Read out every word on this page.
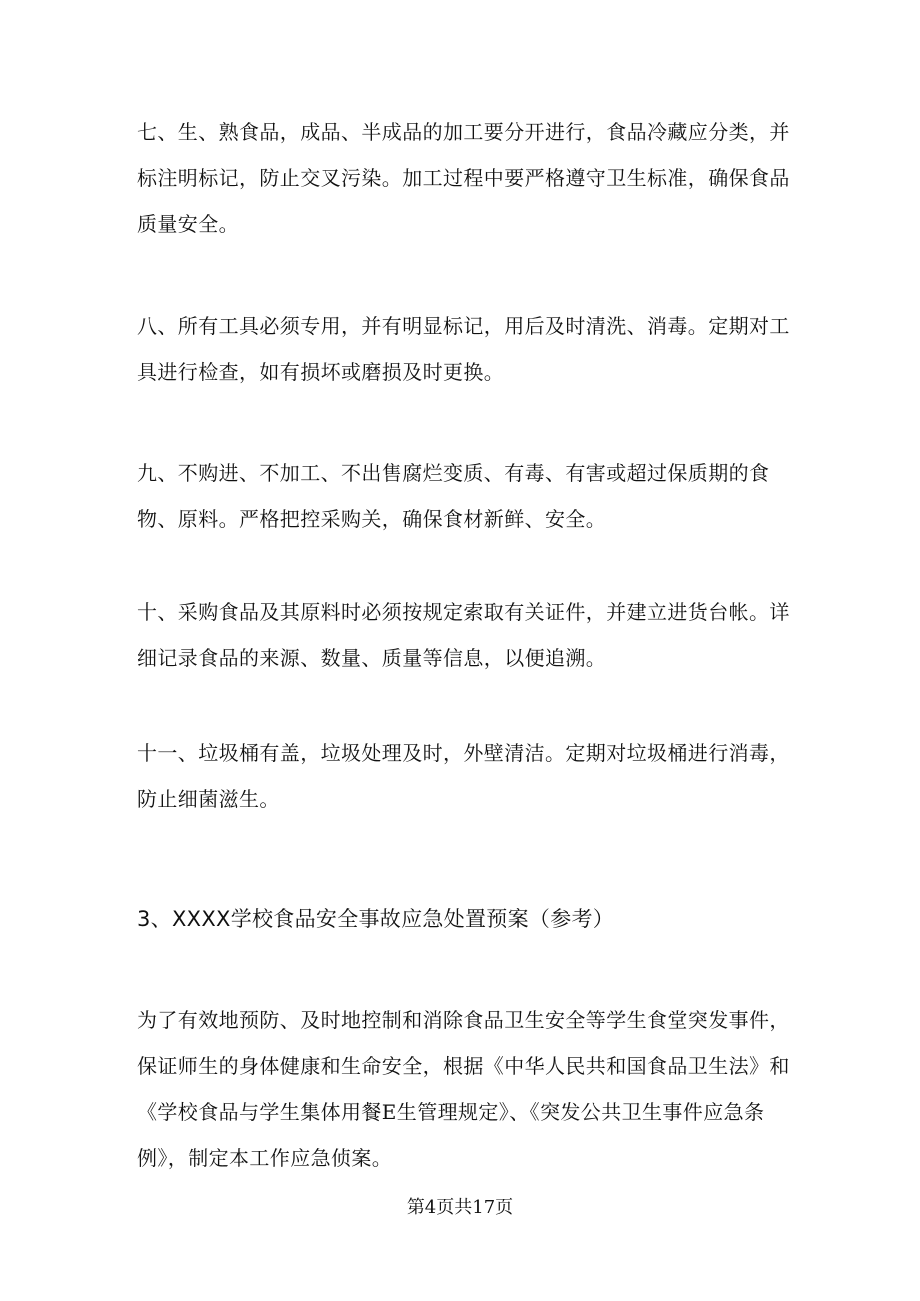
七、生、熟食品，成品、半成品的加工要分开进行，食品冷藏应分类，并标注明标记，防止交叉污染。加工过程中要严格遵守卫生标准，确保食品质量安全。

八、所有工具必须专用，并有明显标记，用后及时清洗、消毒。定期对工具进行检查，如有损坏或磨损及时更换。

九、不购进、不加工、不出售腐烂变质、有毒、有害或超过保质期的食物、原料。严格把控采购关，确保食材新鲜、安全。

十、采购食品及其原料时必须按规定索取有关证件，并建立进货台帐。详细记录食品的来源、数量、质量等信息，以便追溯。

十一、垃圾桶有盖，垃圾处理及时，外壁清洁。定期对垃圾桶进行消毒，防止细菌滋生。

3、XXXX学校食品安全事故应急处置预案（参考）

为了有效地预防、及时地控制和消除食品卫生安全等学生食堂突发事件，保证师生的身体健康和生命安全，根据《中华人民共和国食品卫生法》和《学校食品与学生集体用餐E生管理规定》、《突发公共卫生事件应急条例》，制定本工作应急侦案。

第4页共17页
